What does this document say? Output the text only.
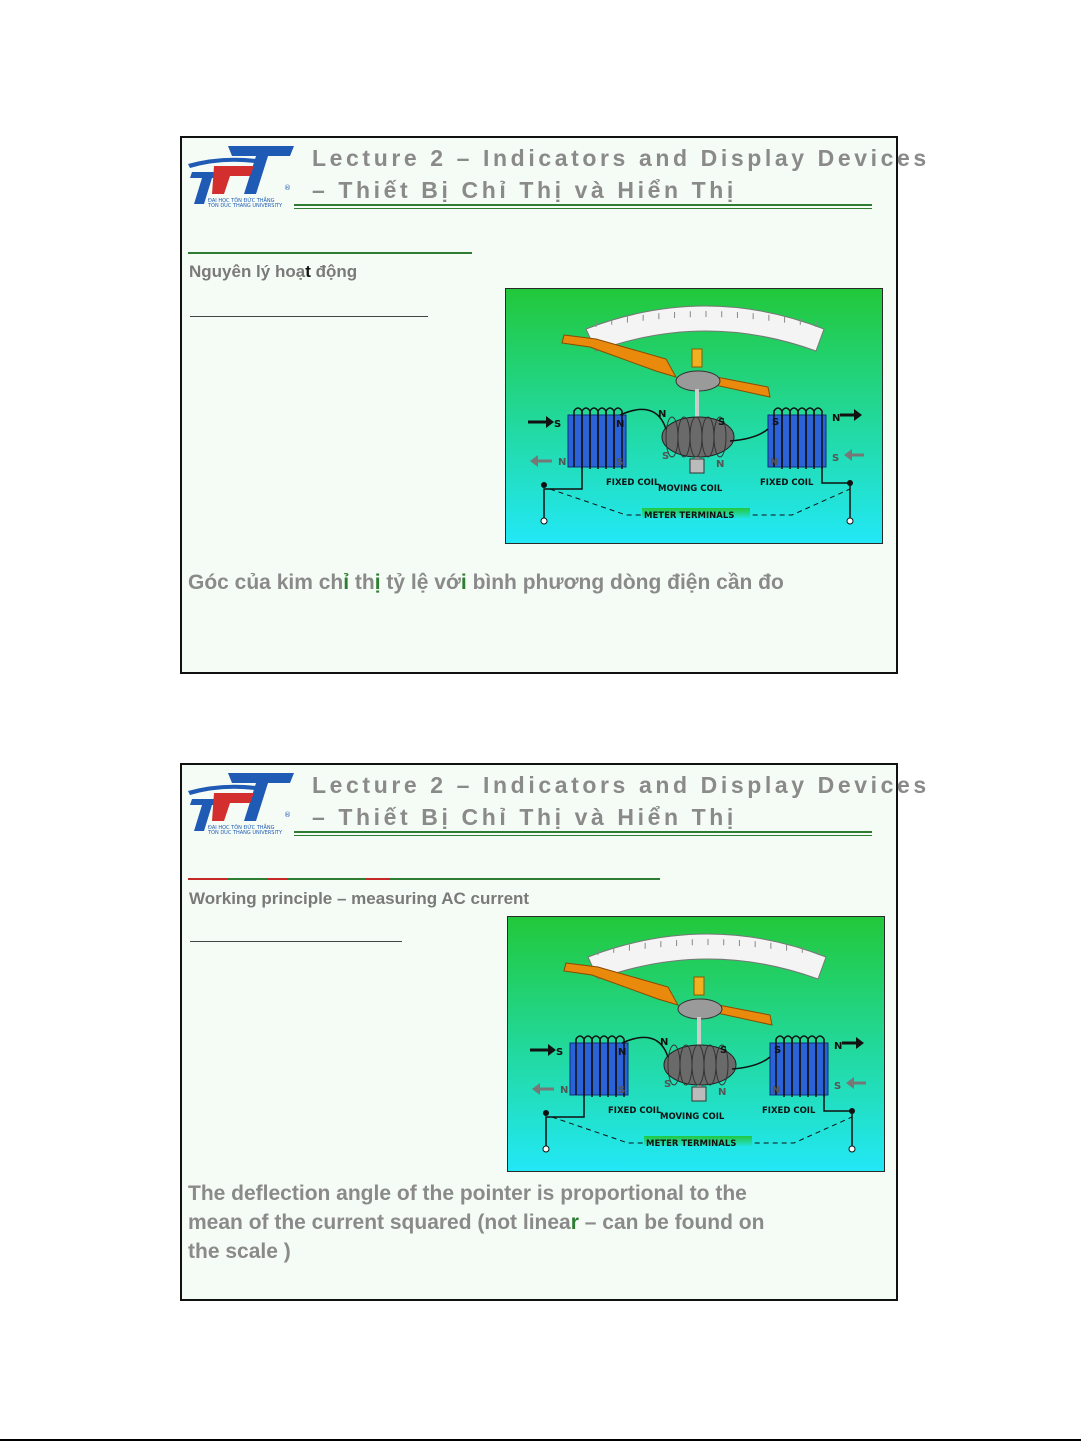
®
ĐẠI HỌC TÔN ĐỨC THẮNG
TON DUC THANG UNIVERSITY
Lecture 2 – Indicators and Display Devices
– Thiết Bị Chỉ Thị và Hiển Thị
Nguyên lý hoạt động
S	N
N	S
N
S
S
N
S	N
N	S
FIXED COIL
MOVING COIL
FIXED COIL
METER TERMINALS
Góc của kim chỉ thị tỷ lệ với bình phương dòng điện cần đo
®
ĐẠI HỌC TÔN ĐỨC THẮNG
TON DUC THANG UNIVERSITY
Lecture 2 – Indicators and Display Devices
– Thiết Bị Chỉ Thị và Hiển Thị
Working principle – measuring AC current
S	N
N	S
N
S
S
N
S	N
N	S
FIXED COIL
MOVING COIL
FIXED COIL
METER TERMINALS
The deflection angle of the pointer is proportional to the
mean of the current squared (not linear – can be found on
the scale )
